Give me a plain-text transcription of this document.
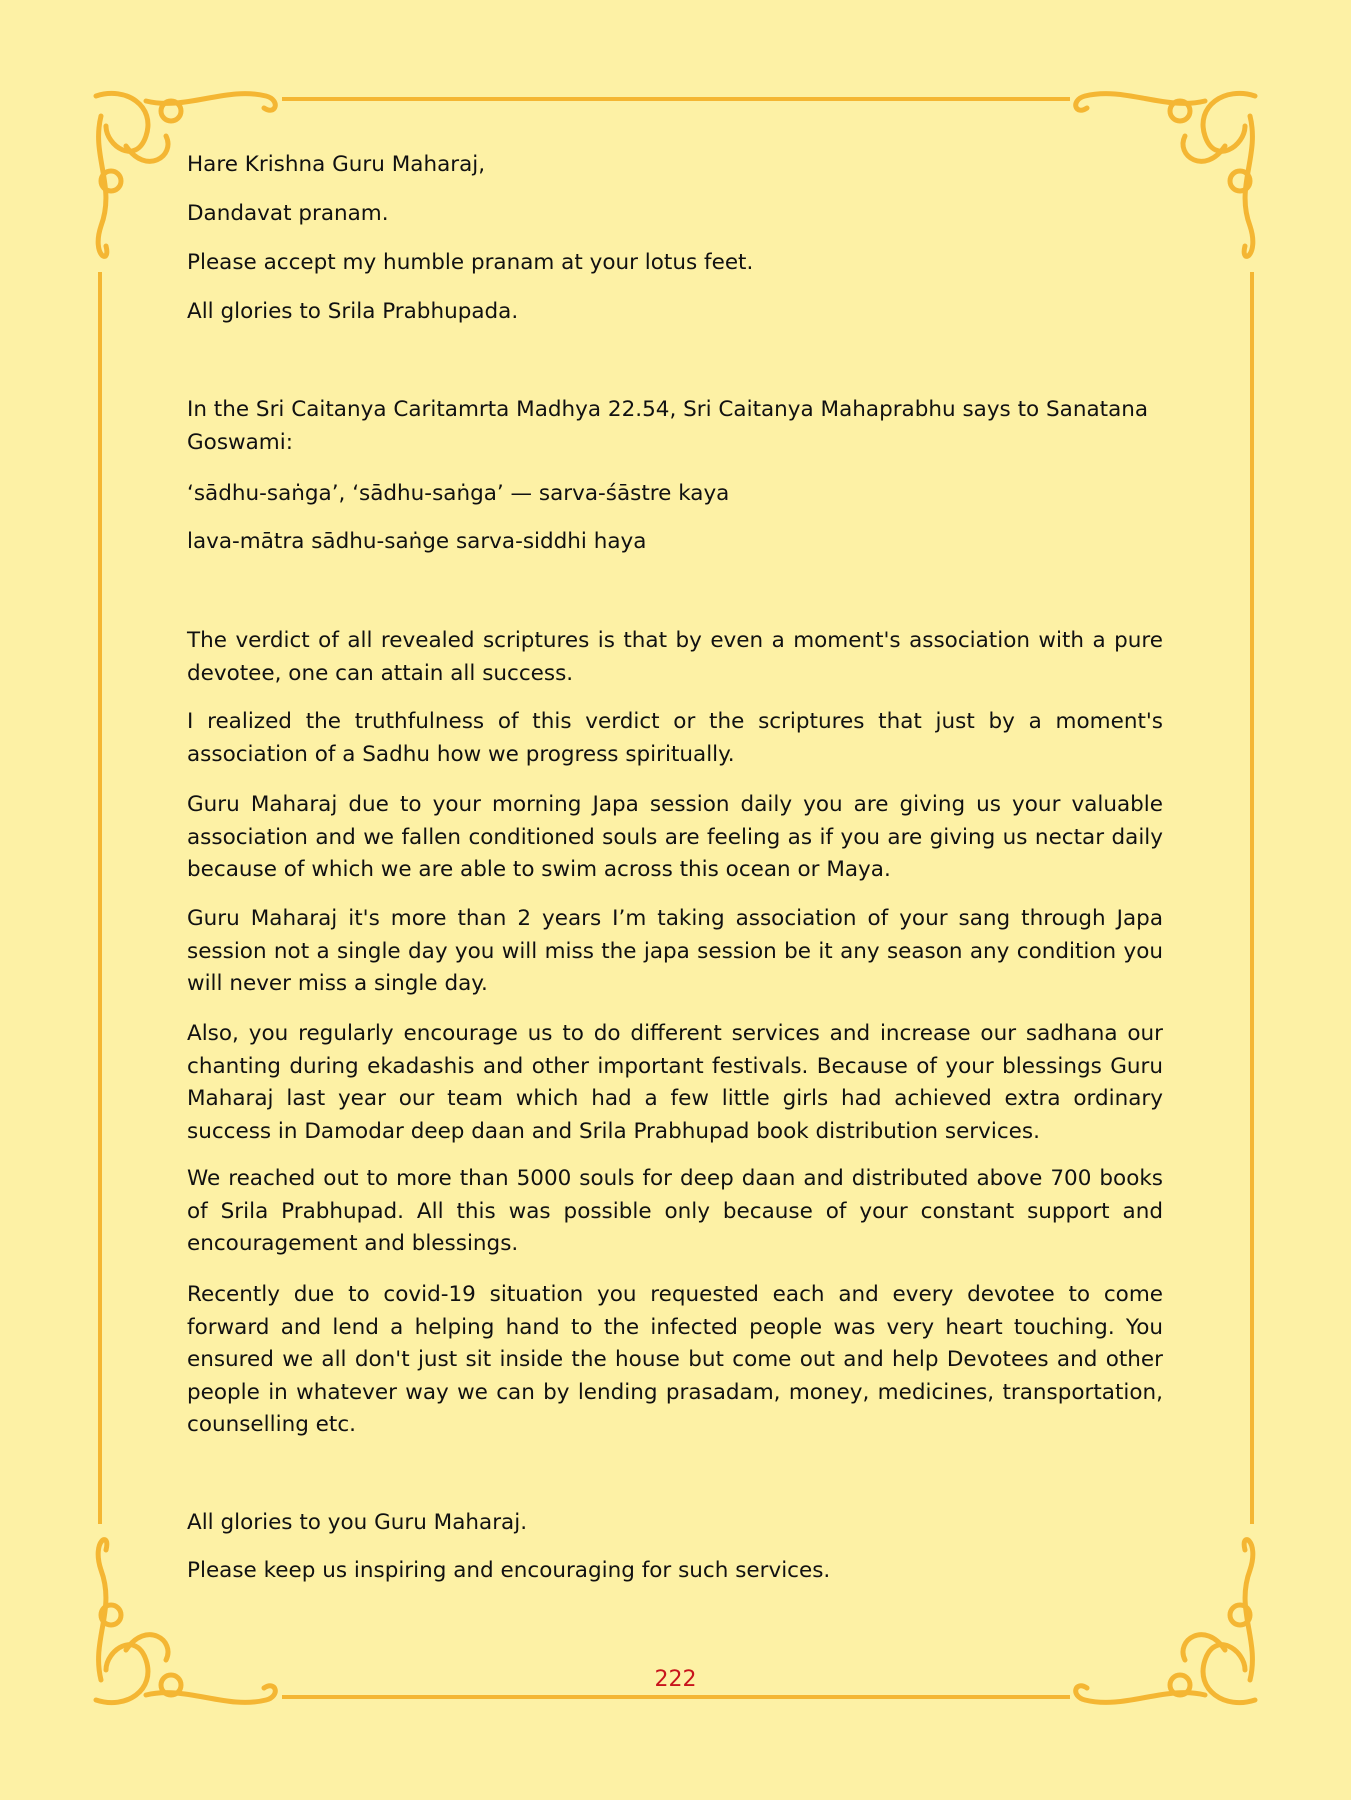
Hare Krishna Guru Maharaj,

Dandavat pranam.

Please accept my humble pranam at your lotus feet.

All glories to Srila Prabhupada.

In the Sri Caitanya Caritamrta Madhya 22.54, Sri Caitanya Mahaprabhu says to Sanatana Goswami:

‘sādhu-saṅga’, ‘sādhu-saṅga’ — sarva-śāstre kaya

lava-mātra sādhu-saṅge sarva-siddhi haya

The verdict of all revealed scriptures is that by even a moment's association with a pure devotee, one can attain all success.

I realized the truthfulness of this verdict or the scriptures that just by a moment's association of a Sadhu how we progress spiritually.

Guru Maharaj due to your morning Japa session daily you are giving us your valuable association and we fallen conditioned souls are feeling as if you are giving us nectar daily because of which we are able to swim across this ocean or Maya.

Guru Maharaj it's more than 2 years I’m taking association of your sang through Japa session not a single day you will miss the japa session be it any season any condition you will never miss a single day.

Also, you regularly encourage us to do different services and increase our sadhana our chanting during ekadashis and other important festivals. Because of your blessings Guru Maharaj last year our team which had a few little girls had achieved extra ordinary success in Damodar deep daan and Srila Prabhupad book distribution services.

We reached out to more than 5000 souls for deep daan and distributed above 700 books of Srila Prabhupad. All this was possible only because of your constant support and encouragement and blessings.

Recently due to covid-19 situation you requested each and every devotee to come forward and lend a helping hand to the infected people was very heart touching. You ensured we all don't just sit inside the house but come out and help Devotees and other people in whatever way we can by lending prasadam, money, medicines, transportation, counselling etc.

All glories to you Guru Maharaj.

Please keep us inspiring and encouraging for such services.

222
